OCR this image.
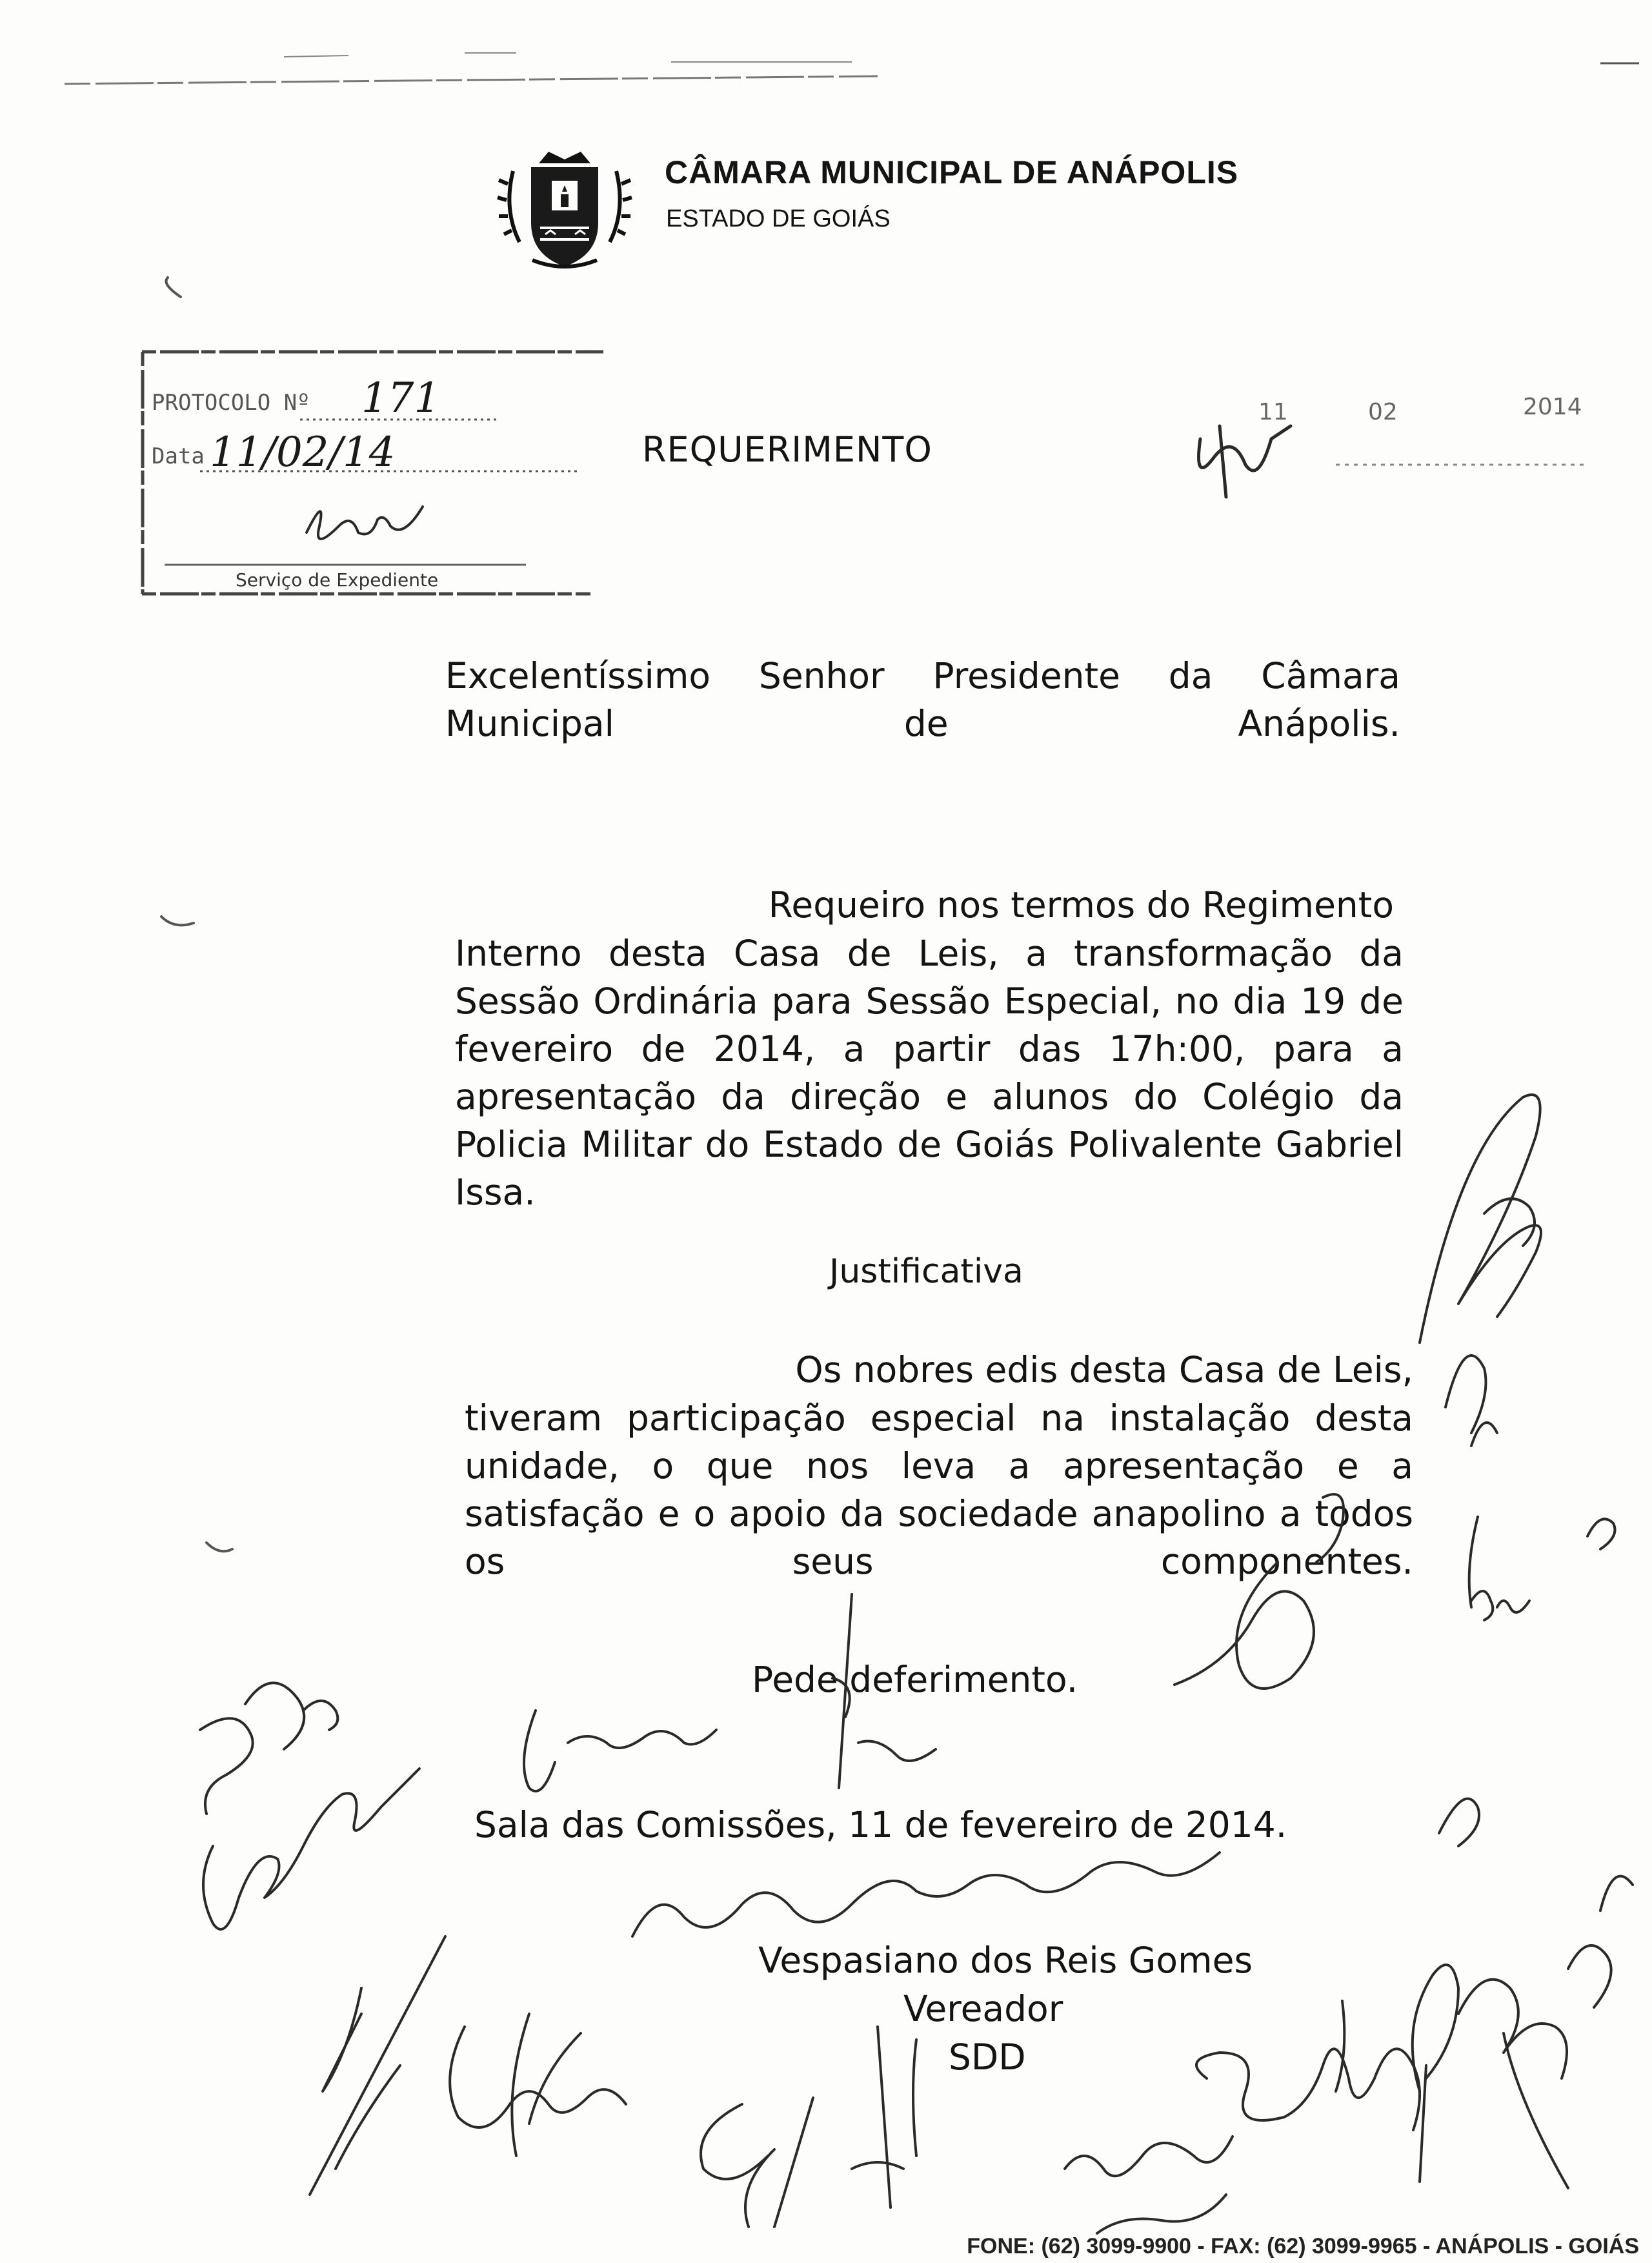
CÂMARA MUNICIPAL DE ANÁPOLIS
ESTADO DE GOIÁS
PROTOCOLO Nº 171
Data 11/02/14
Serviço de Expediente
REQUERIMENTO
11	02	2014
Excelentíssimo Senhor Presidente da Câmara Municipal de Anápolis.
Requeiro nos termos do Regimento
Interno desta Casa de Leis, a transformação da Sessão Ordinária para Sessão Especial, no dia 19 de fevereiro de 2014, a partir das 17h:00, para a apresentação da direção e alunos do Colégio da Policia Militar do Estado de Goiás Polivalente Gabriel Issa.
Justificativa
Os nobres edis desta Casa de Leis,
tiveram participação especial na instalação desta unidade, o que nos leva a apresentação e a satisfação e o apoio da sociedade anapolino a todos os seus componentes.
Pede deferimento.
Sala das Comissões, 11 de fevereiro de 2014.
Vespasiano dos Reis Gomes
Vereador
SDD
FONE: (62) 3099-9900 - FAX: (62) 3099-9965 - ANÁPOLIS - GOIÁS
